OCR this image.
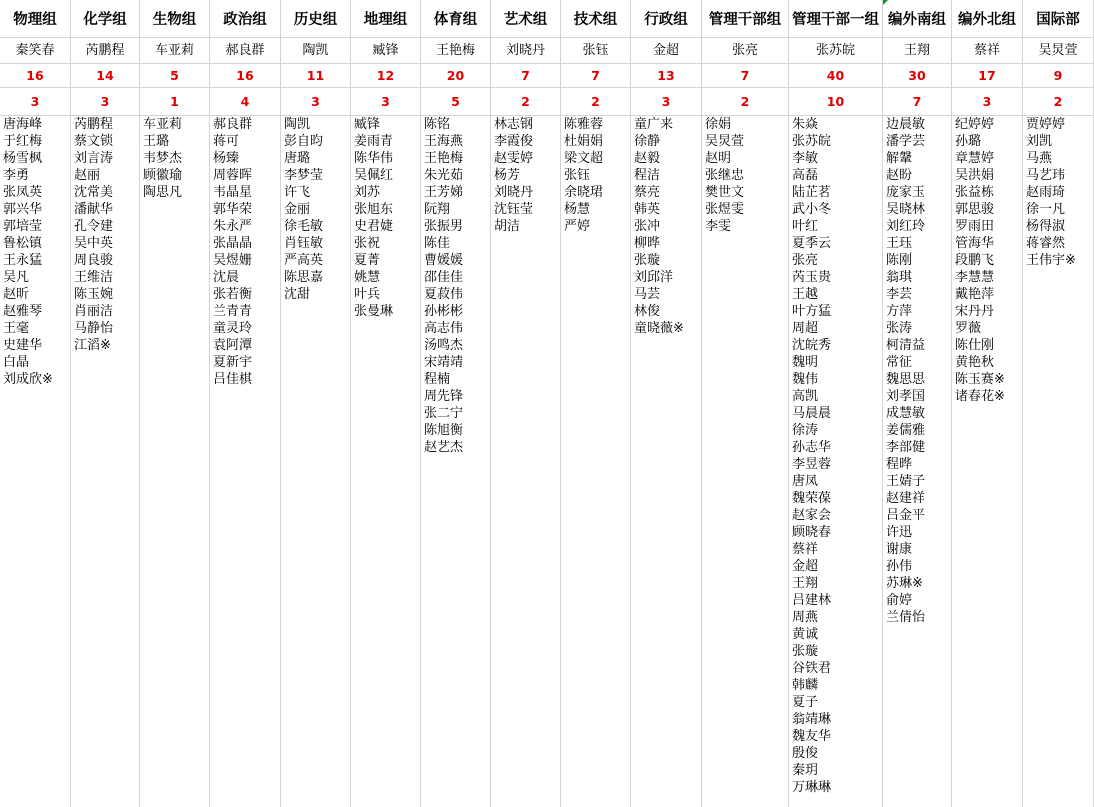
物理组
秦笑春
16
3
唐海峰
于红梅
杨雪枫
李勇
张凤英
郭兴华
郭培莹
鲁松镇
王永猛
吴凡
赵昕
赵雅琴
王毫
史建华
白晶
刘成欣※
化学组
芮鹏程
14
3
芮鹏程
蔡文锁
刘言涛
赵丽
沈常美
潘献华
孔令建
吴中英
周良骏
王维洁
陈玉婉
肖丽洁
马静怡
江滔※
生物组
车亚莉
5
1
车亚莉
王璐
韦梦杰
顾徽瑜
陶思凡
政治组
郝良群
16
4
郝良群
蒋可
杨臻
周蓉晖
韦晶星
郭华荣
朱永严
张晶晶
吴煜姗
沈晨
张若衡
兰青青
童灵玲
袁阿潭
夏新宇
吕佳棋
历史组
陶凯
11
3
陶凯
彭自昀
唐璐
李梦莹
许飞
金丽
徐毛敏
肖钰敏
严高英
陈思嘉
沈甜
地理组
臧锋
12
3
臧锋
姜雨青
陈华伟
吴佩红
刘苏
张旭东
史君婕
张祝
夏菁
姚慧
叶兵
张曼琳
体育组
王艳梅
20
5
陈铭
王海燕
王艳梅
朱光茹
王芳娣
阮翔
张振男
陈佳
曹媛媛
邵佳佳
夏菽伟
孙彬彬
高志伟
汤鸣杰
宋靖靖
程楠
周先锋
张二宁
陈旭衡
赵艺杰
艺术组
刘晓丹
7
2
林志钢
李霞俊
赵雯婷
杨芳
刘晓丹
沈钰莹
胡洁
技术组
张钰
7
2
陈雅蓉
杜娟娟
梁文超
张钰
余晓珺
杨慧
严婷
行政组
金超
13
3
童广来
徐静
赵毅
程洁
蔡亮
韩英
张冲
柳晔
张璇
刘邱洋
马芸
林俊
童晓薇※
管理干部组
张亮
7
2
徐娟
吴炅萱
赵明
张继忠
樊世文
张煜雯
李雯
管理干部一组
张苏皖
40
10
朱焱
张苏皖
李敏
高磊
陆芷茗
武小冬
叶红
夏季云
张亮
芮玉贵
王越
叶方猛
周超
沈皖秀
魏明
魏伟
高凯
马晨晨
徐涛
孙志华
李昱蓉
唐凤
魏荣葆
赵家会
顾晓春
蔡祥
金超
王翔
吕建林
周燕
黄诚
张璇
谷铁君
韩麟
夏子
翁靖琳
魏友华
殷俊
秦玥
万琳琳
编外南组
王翔
30
7
边晨敏
潘学芸
解鞶
赵盼
庞家玉
吴晓林
刘红玲
王珏
陈刚
翁琪
李芸
方萍
张涛
柯清益
常征
魏思思
刘孝国
成慧敏
姜儒雅
李部健
程晔
王婧子
赵建祥
吕金平
许迅
谢康
孙伟
苏琳※
俞婷
兰倩怡
编外北组
蔡祥
17
3
纪婷婷
孙璐
章慧婷
吴洪娟
张益栋
郭思骏
罗雨田
管海华
段鹏飞
李慧慧
戴艳萍
宋丹丹
罗薇
陈仕刚
黄艳秋
陈玉赛※
诸春花※
国际部
吴炅萱
9
2
贾婷婷
刘凯
马燕
马艺玮
赵雨琦
徐一凡
杨得淑
蒋睿然
王伟宇※
